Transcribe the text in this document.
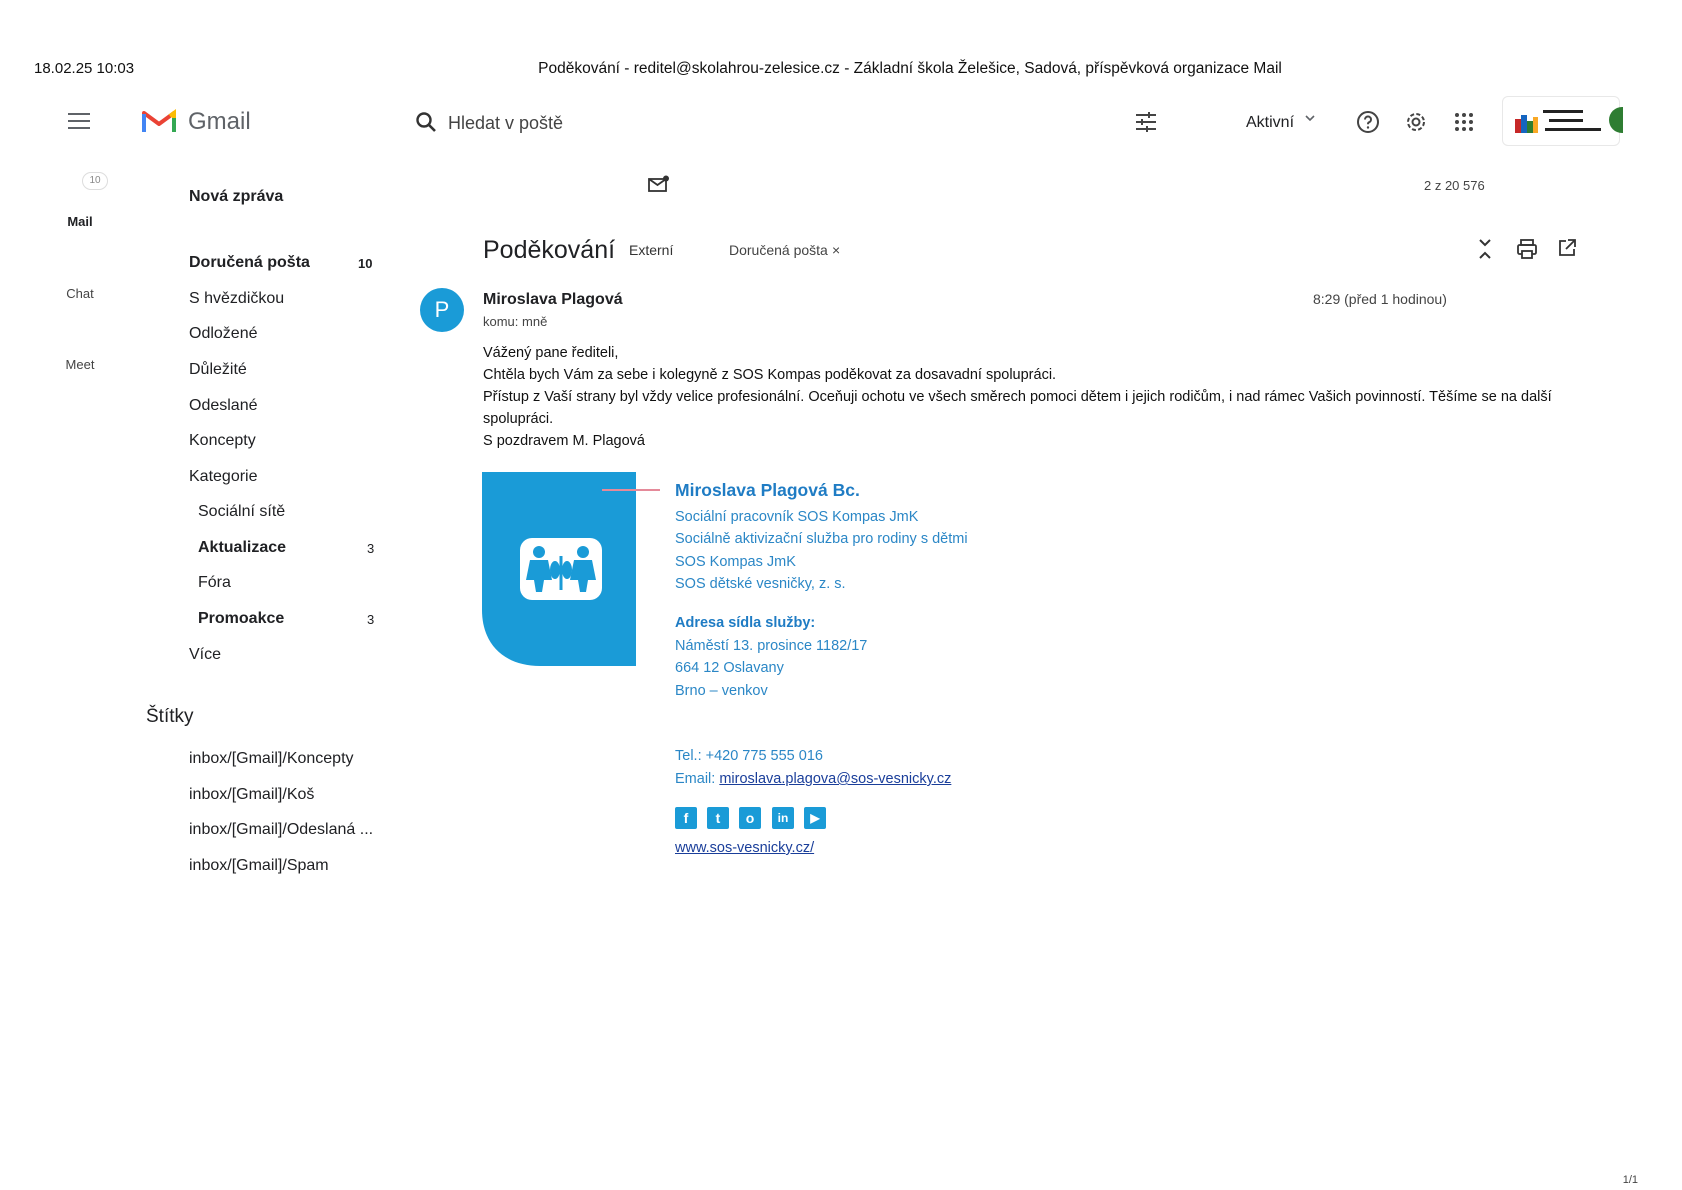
18.02.25 10:03	Poděkování - reditel@skolahrou-zelesice.cz - Základní škola Želešice, Sadová, příspěvková organizace Mail
1/1
Gmail
Hledat v poště	Aktivní
10
Mail
Chat
Meet
Nová zpráva
Doručená pošta	10
S hvězdičkou
Odložené
Důležité
Odeslané
Koncepty
Kategorie
Sociální sítě
Aktualizace	3
Fóra
Promoakce	3
Více
Štítky
inbox/[Gmail]/Koncepty
inbox/[Gmail]/Koš
inbox/[Gmail]/Odeslaná ...
inbox/[Gmail]/Spam
2 z 20 576
Poděkování Externí	Doručená pošta ×
P	Miroslava Plagová
komu: mně
8:29 (před 1 hodinou)

Vážený pane řediteli,

Chtěla bych Vám za sebe i kolegyně z SOS Kompas poděkovat za dosavadní spolupráci.

Přístup z Vaší strany byl vždy velice profesionální. Oceňuji ochotu ve všech směrech pomoci dětem i jejich rodičům, i nad rámec Vašich povinností. Těšíme se na další spolupráci.

S pozdravem M. Plagová

Miroslava Plagová Bc.
Sociální pracovník SOS Kompas JmK
Sociálně aktivizační služba pro rodiny s dětmi
SOS Kompas JmK
SOS dětské vesničky, z. s.
Adresa sídla služby:
Náměstí 13. prosince 1182/17
664 12 Oslavany
Brno – venkov
Tel.: +420 775 555 016
Email: miroslava.plagova@sos-vesnicky.cz
f	t	o	in	▶
www.sos-vesnicky.cz/
